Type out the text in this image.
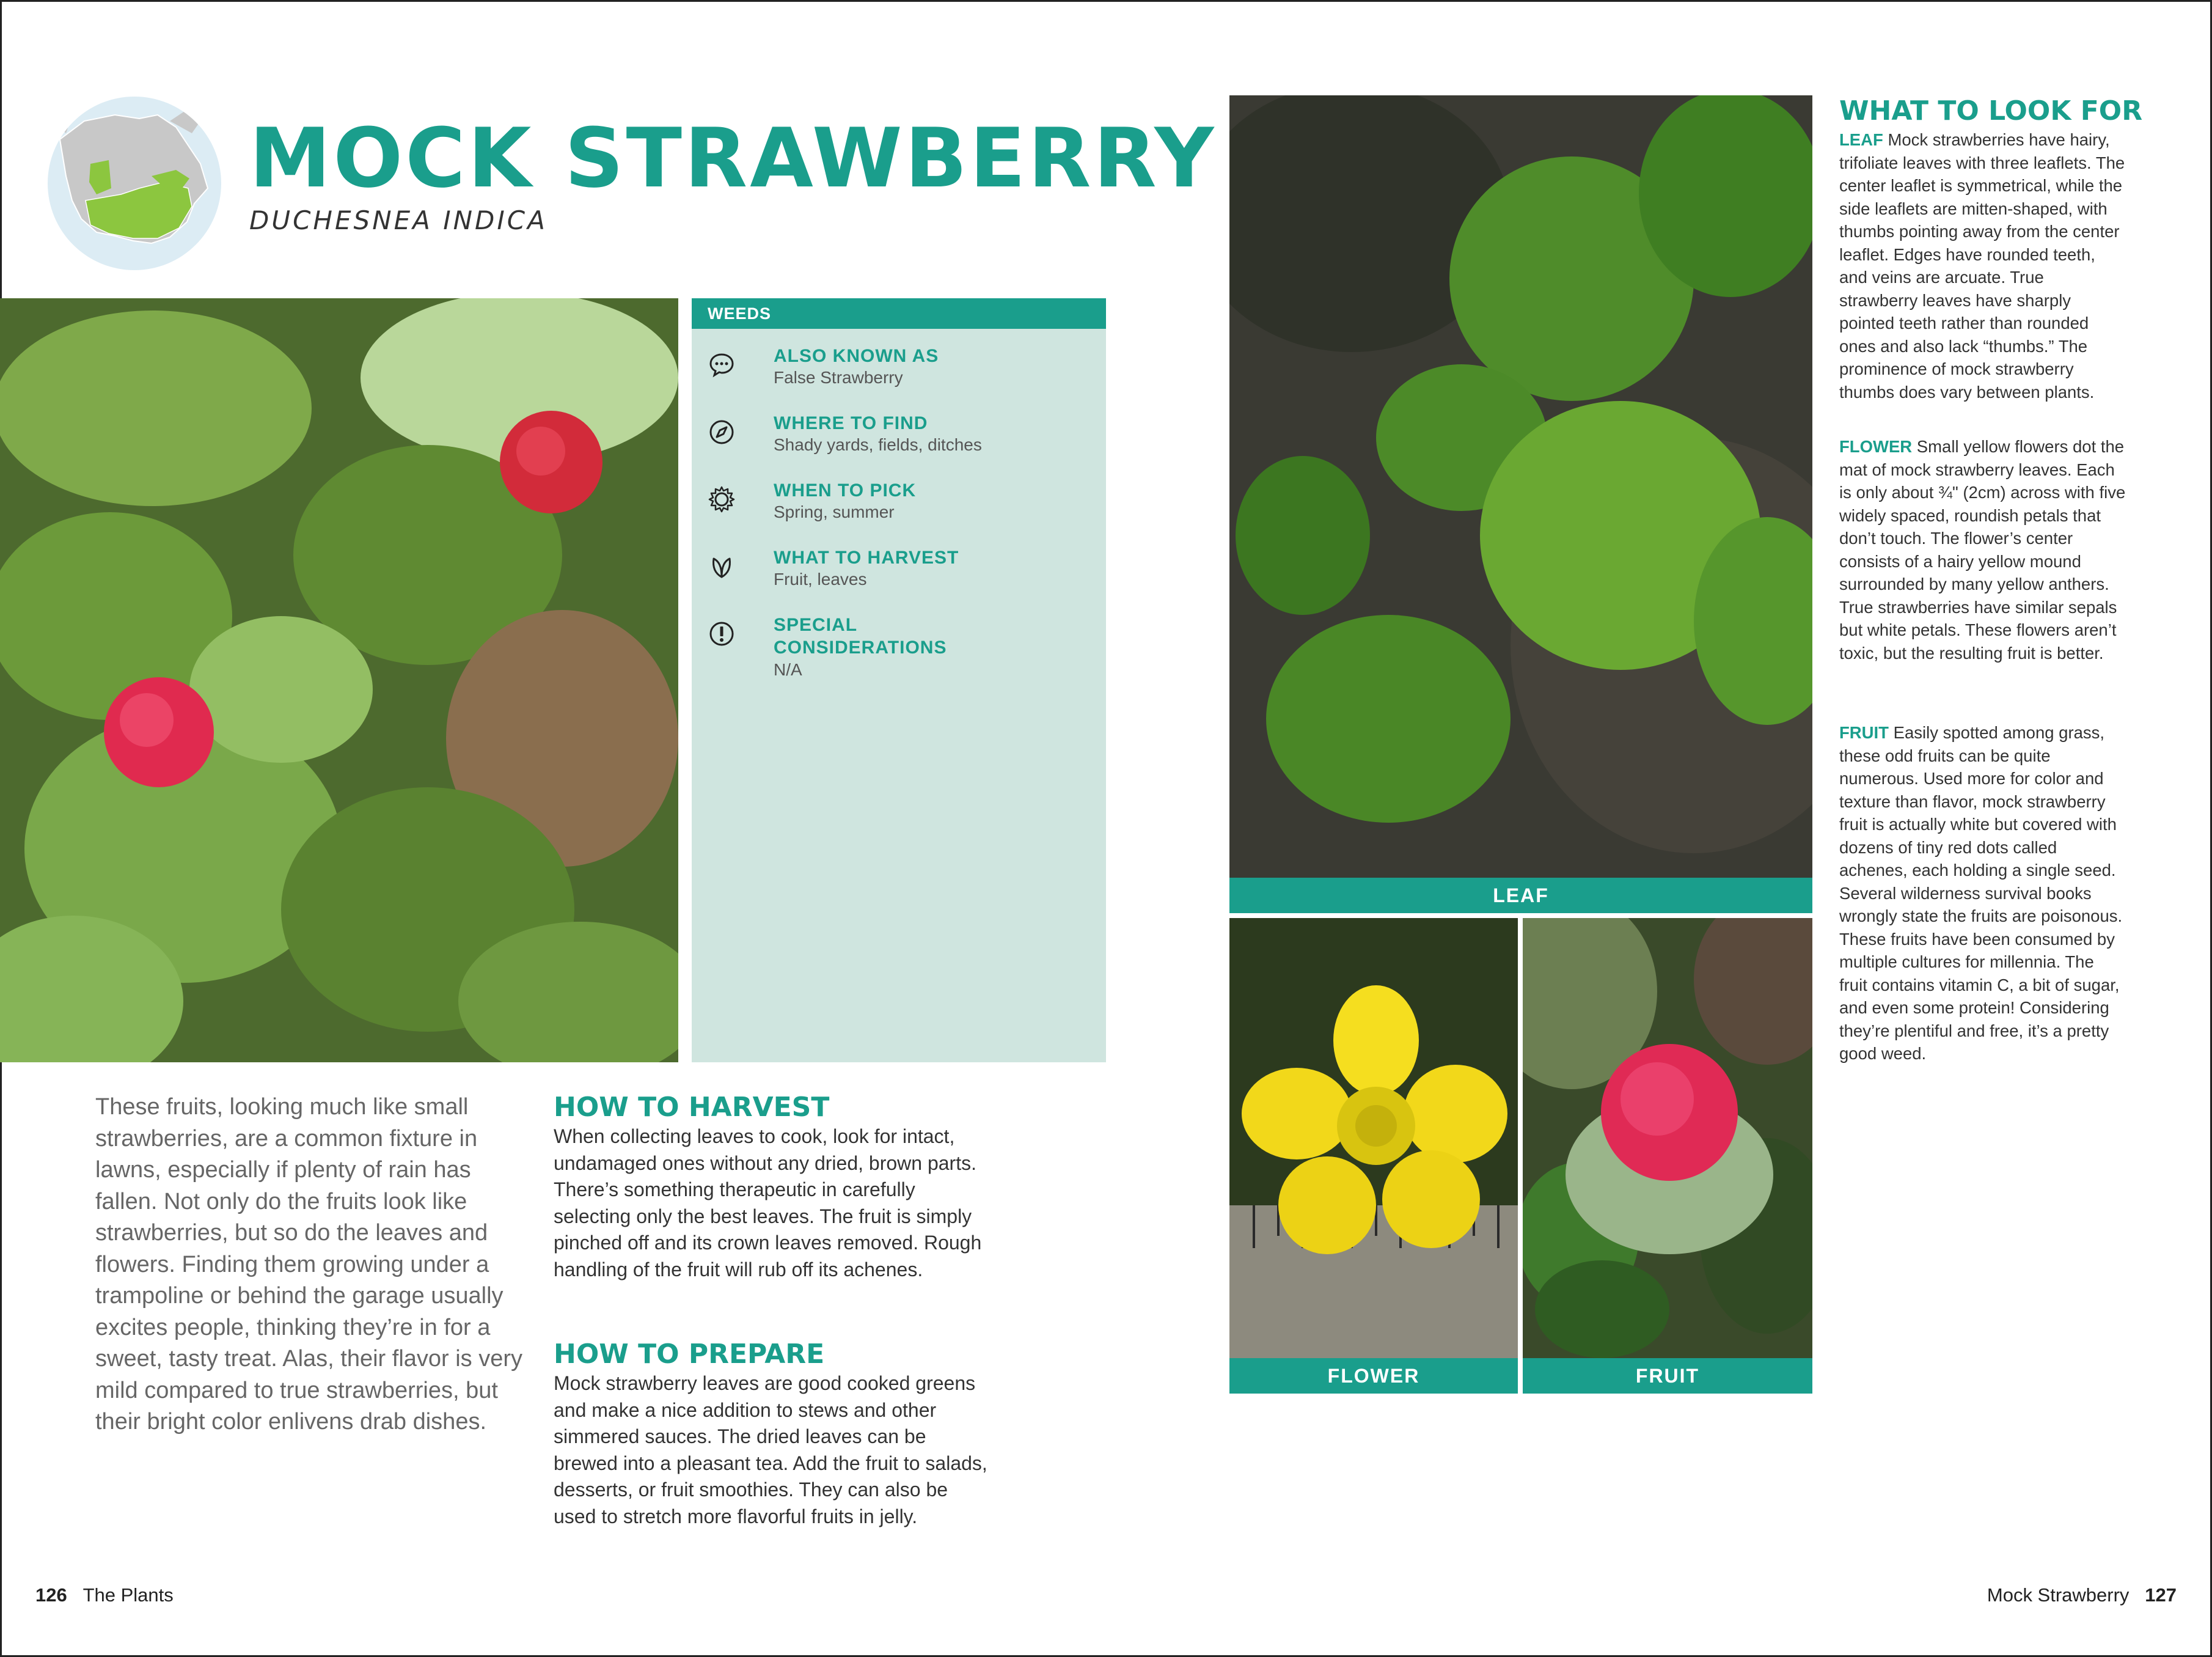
MOCK STRAWBERRY
DUCHESNEA INDICA
WEEDS
ALSO KNOWN AS
False Strawberry
WHERE TO FIND
Shady yards, fields, ditches
WHEN TO PICK
Spring, summer
WHAT TO HARVEST
Fruit, leaves
SPECIAL
CONSIDERATIONS
N/A
These fruits, looking much like small strawberries, are a common fixture in lawns, especially if plenty of rain has fallen. Not only do the fruits look like strawberries, but so do the leaves and flowers. Finding them growing under a trampoline or behind the garage usually excites people, thinking they’re in for a sweet, tasty treat. Alas, their flavor is very mild compared to true strawberries, but their bright color enlivens drab dishes.
HOW TO HARVEST
When collecting leaves to cook, look for intact, undamaged ones without any dried, brown parts. There’s something therapeutic in carefully selecting only the best leaves. The fruit is simply pinched off and its crown leaves removed. Rough handling of the fruit will rub off its achenes.
HOW TO PREPARE
Mock strawberry leaves are good cooked greens and make a nice addition to stews and other simmered sauces. The dried leaves can be brewed into a pleasant tea. Add the fruit to salads, desserts, or fruit smoothies. They can also be used to stretch more flavorful fruits in jelly.
LEAF
FLOWER	FRUIT
WHAT TO LOOK FOR
LEAF Mock strawberries have hairy, trifoliate leaves with three leaflets. The center leaflet is symmetrical, while the side leaflets are mitten-shaped, with thumbs pointing away from the center leaflet. Edges have rounded teeth, and veins are arcuate. True strawberry leaves have sharply pointed teeth rather than rounded ones and also lack “thumbs.” The prominence of mock strawberry thumbs does vary between plants.
FLOWER Small yellow flowers dot the mat of mock strawberry leaves. Each is only about ¾" (2cm) across with five widely spaced, roundish petals that don’t touch. The flower’s center consists of a hairy yellow mound surrounded by many yellow anthers. True strawberries have similar sepals but white petals. These flowers aren’t toxic, but the resulting fruit is better.
FRUIT Easily spotted among grass, these odd fruits can be quite numerous. Used more for color and texture than flavor, mock strawberry fruit is actually white but covered with dozens of tiny red dots called achenes, each holding a single seed. Several wilderness survival books wrongly state the fruits are poisonous. These fruits have been consumed by multiple cultures for millennia. The fruit contains vitamin C, a bit of sugar, and even some protein! Considering they’re plentiful and free, it’s a pretty good weed.
126 The Plants	Mock Strawberry 127
